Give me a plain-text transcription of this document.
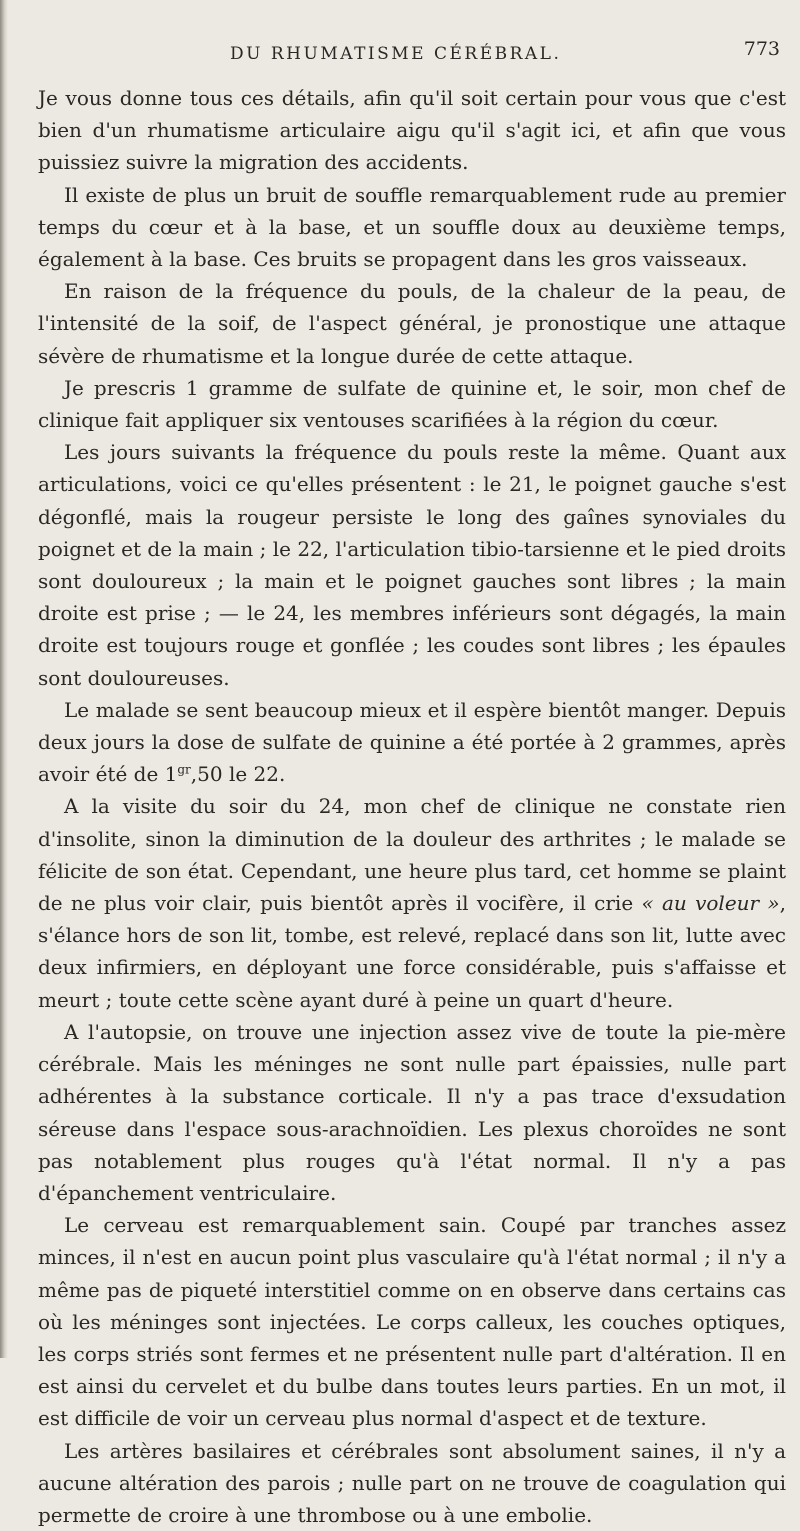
DU RHUMATISME CÉRÉBRAL.	773

Je vous donne tous ces détails, afin qu'il soit certain pour vous que c'est bien d'un rhumatisme articulaire aigu qu'il s'agit ici, et afin que vous puissiez suivre la migration des accidents.

Il existe de plus un bruit de souffle remarquablement rude au premier temps du cœur et à la base, et un souffle doux au deuxième temps, également à la base. Ces bruits se propagent dans les gros vaisseaux.

En raison de la fréquence du pouls, de la chaleur de la peau, de l'intensité de la soif, de l'aspect général, je pronostique une attaque sévère de rhumatisme et la longue durée de cette attaque.

Je prescris 1 gramme de sulfate de quinine et, le soir, mon chef de clinique fait appliquer six ventouses scarifiées à la région du cœur.

Les jours suivants la fréquence du pouls reste la même. Quant aux articulations, voici ce qu'elles présentent : le 21, le poignet gauche s'est dégonflé, mais la rougeur persiste le long des gaînes synoviales du poignet et de la main ; le 22, l'articulation tibio-tarsienne et le pied droits sont douloureux ; la main et le poignet gauches sont libres ; la main droite est prise ; — le 24, les membres inférieurs sont dégagés, la main droite est toujours rouge et gonflée ; les coudes sont libres ; les épaules sont douloureuses.

Le malade se sent beaucoup mieux et il espère bientôt manger. Depuis deux jours la dose de sulfate de quinine a été portée à 2 grammes, après avoir été de $1^{gr},50$ le 22.

A la visite du soir du 24, mon chef de clinique ne constate rien d'insolite, sinon la diminution de la douleur des arthrites ; le malade se félicite de son état. Cependant, une heure plus tard, cet homme se plaint de ne plus voir clair, puis bientôt après il vocifère, il crie « au voleur », s'élance hors de son lit, tombe, est relevé, replacé dans son lit, lutte avec deux infirmiers, en déployant une force considérable, puis s'affaisse et meurt ; toute cette scène ayant duré à peine un quart d'heure.

A l'autopsie, on trouve une injection assez vive de toute la pie-mère cérébrale. Mais les méninges ne sont nulle part épaissies, nulle part adhérentes à la substance corticale. Il n'y a pas trace d'exsudation séreuse dans l'espace sous-arachnoïdien. Les plexus choroïdes ne sont pas notablement plus rouges qu'à l'état normal. Il n'y a pas d'épanchement ventriculaire.

Le cerveau est remarquablement sain. Coupé par tranches assez minces, il n'est en aucun point plus vasculaire qu'à l'état normal ; il n'y a même pas de piqueté interstitiel comme on en observe dans certains cas où les méninges sont injectées. Le corps calleux, les couches optiques, les corps striés sont fermes et ne présentent nulle part d'altération. Il en est ainsi du cervelet et du bulbe dans toutes leurs parties. En un mot, il est difficile de voir un cerveau plus normal d'aspect et de texture.

Les artères basilaires et cérébrales sont absolument saines, il n'y a aucune altération des parois ; nulle part on ne trouve de coagulation qui permette de croire à une thrombose ou à une embolie.
